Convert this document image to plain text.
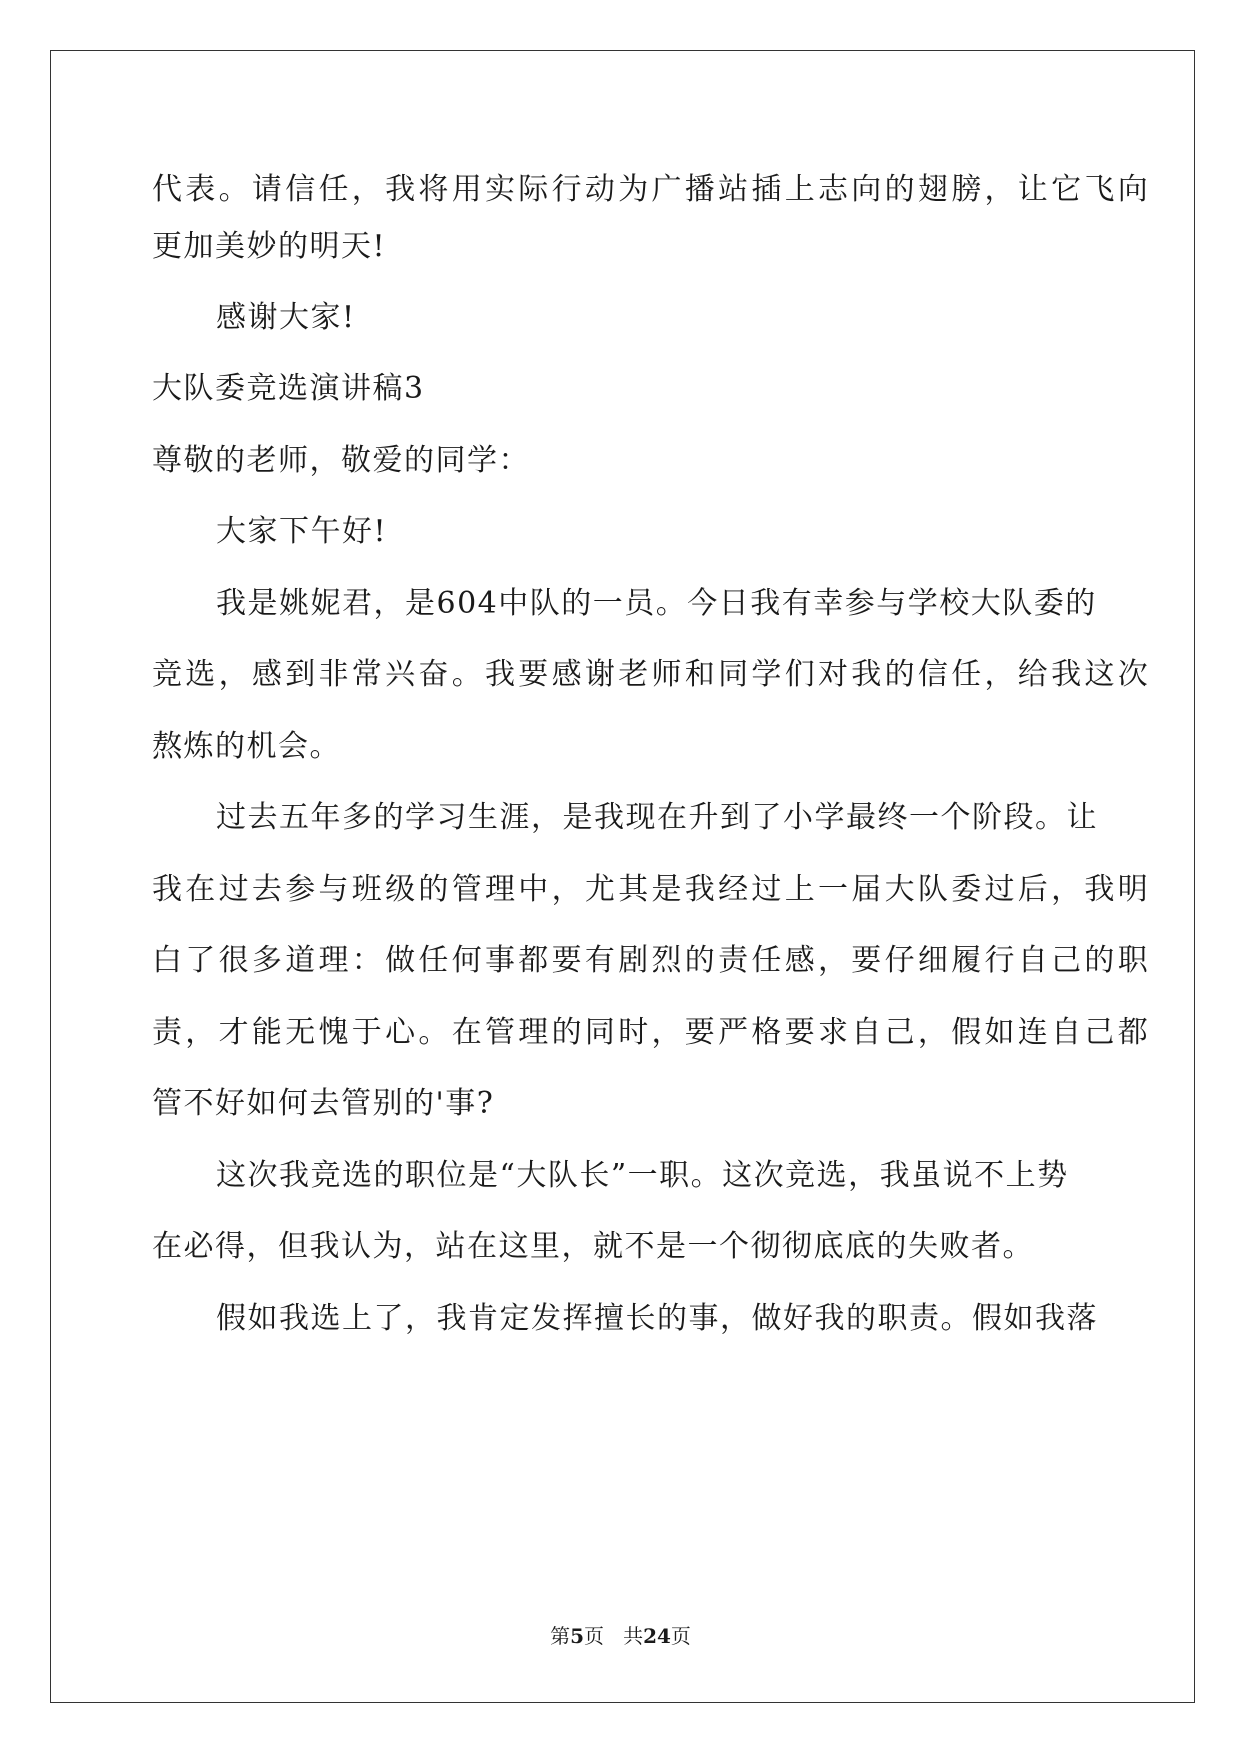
代表。请信任，我将用实际行动为广播站插上志向的翅膀，让它飞向
更加美妙的明天!
感谢大家!
大队委竞选演讲稿3
尊敬的老师，敬爱的同学：
大家下午好!
我是姚妮君，是604中队的一员。今日我有幸参与学校大队委的
竞选，感到非常兴奋。我要感谢老师和同学们对我的信任，给我这次
熬炼的机会。
过去五年多的学习生涯，是我现在升到了小学最终一个阶段。让
我在过去参与班级的管理中，尤其是我经过上一届大队委过后，我明
白了很多道理：做任何事都要有剧烈的责任感，要仔细履行自己的职
责，才能无愧于心。在管理的同时，要严格要求自己，假如连自己都
管不好如何去管别的'事?
这次我竞选的职位是“大队长”一职。这次竞选，我虽说不上势
在必得，但我认为，站在这里，就不是一个彻彻底底的失败者。
假如我选上了，我肯定发挥擅长的事，做好我的职责。假如我落
第5页 共24页
